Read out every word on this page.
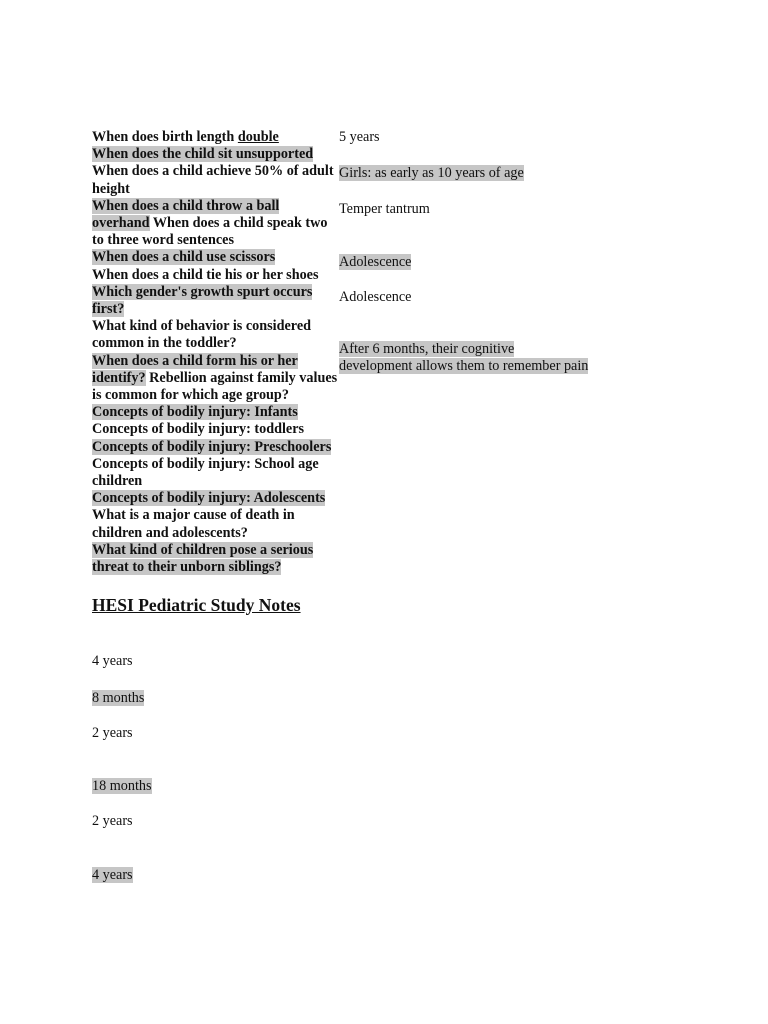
When does birth length double

When does the child sit unsupported

When does a child achieve 50% of adult height

When does a child throw a ball overhand When does a child speak two to three word sentences

When does a child use scissors

When does a child tie his or her shoes

Which gender's growth spurt occurs first?

What kind of behavior is considered common in the toddler?

When does a child form his or her identify? Rebellion against family values is common for which age group?

Concepts of bodily injury: Infants

Concepts of bodily injury: toddlers

Concepts of bodily injury: Preschoolers Concepts of bodily injury: School age children

Concepts of bodily injury: Adolescents What is a major cause of death in children and adolescents?

What kind of children pose a serious threat to their unborn siblings?

5 years

Girls: as early as 10 years of age

Temper tantrum

Adolescence

Adolescence

After 6 months, their cognitive development allows them to remember pain

HESI Pediatric Study Notes

4 years

8 months

2 years

18 months

2 years

4 years
